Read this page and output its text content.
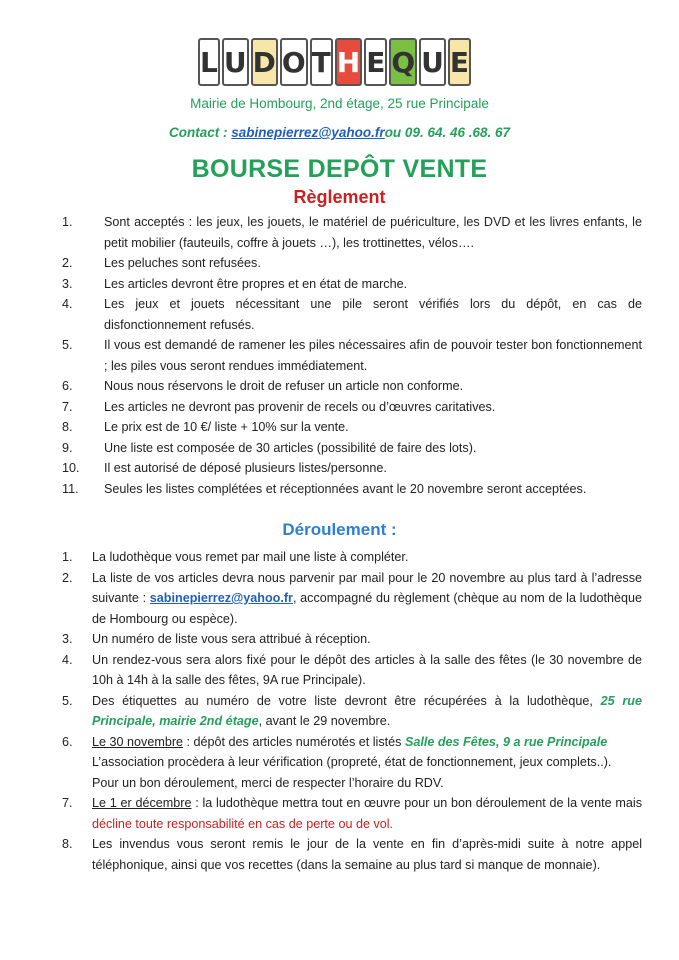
L U D O T H E Q U E
Mairie de Hombourg, 2nd étage, 25 rue Principale
Contact : sabinepierrez@yahoo.frou 09. 64. 46 .68. 67
BOURSE DEPÔT VENTE
Règlement
1.	Sont acceptés : les jeux, les jouets, le matériel de puériculture, les DVD et les livres enfants, le petit mobilier (fauteuils, coffre à jouets …), les trottinettes, vélos….
2.	Les peluches sont refusées.
3.	Les articles devront être propres et en état de marche.
4.	Les jeux et jouets nécessitant une pile seront vérifiés lors du dépôt, en cas de disfonctionnement refusés.
5.	Il vous est demandé de ramener les piles nécessaires afin de pouvoir tester bon fonctionnement ; les piles vous seront rendues immédiatement.
6.	Nous nous réservons le droit de refuser un article non conforme.
7.	Les articles ne devront pas provenir de recels ou d’œuvres caritatives.
8.	Le prix est de 10 €/ liste + 10% sur la vente.
9.	Une liste est composée de 30 articles (possibilité de faire des lots).
10.	Il est autorisé de déposé plusieurs listes/personne.
11.	Seules les listes complétées et réceptionnées avant le 20 novembre seront acceptées.
Déroulement :
1.	La ludothèque vous remet par mail une liste à compléter.
2.	La liste de vos articles devra nous parvenir par mail pour le 20 novembre au plus tard à l’adresse suivante : sabinepierrez@yahoo.fr, accompagné du règlement (chèque au nom de la ludothèque de Hombourg ou espèce).
3.	Un numéro de liste vous sera attribué à réception.
4.	Un rendez-vous sera alors fixé pour le dépôt des articles à la salle des fêtes (le 30 novembre de 10h à 14h à la salle des fêtes, 9A rue Principale).
5.	Des étiquettes au numéro de votre liste devront être récupérées à la ludothèque, 25 rue Principale, mairie 2nd étage, avant le 29 novembre.
6.	Le 30 novembre : dépôt des articles numérotés et listés Salle des Fêtes, 9 a rue Principale
L’association procèdera à leur vérification (propreté, état de fonctionnement, jeux complets..).
Pour un bon déroulement, merci de respecter l’horaire du RDV.
7.	Le 1 er décembre : la ludothèque mettra tout en œuvre pour un bon déroulement de la vente mais décline toute responsabilité en cas de perte ou de vol.
8.	Les invendus vous seront remis le jour de la vente en fin d’après-midi suite à notre appel téléphonique, ainsi que vos recettes (dans la semaine au plus tard si manque de monnaie).
